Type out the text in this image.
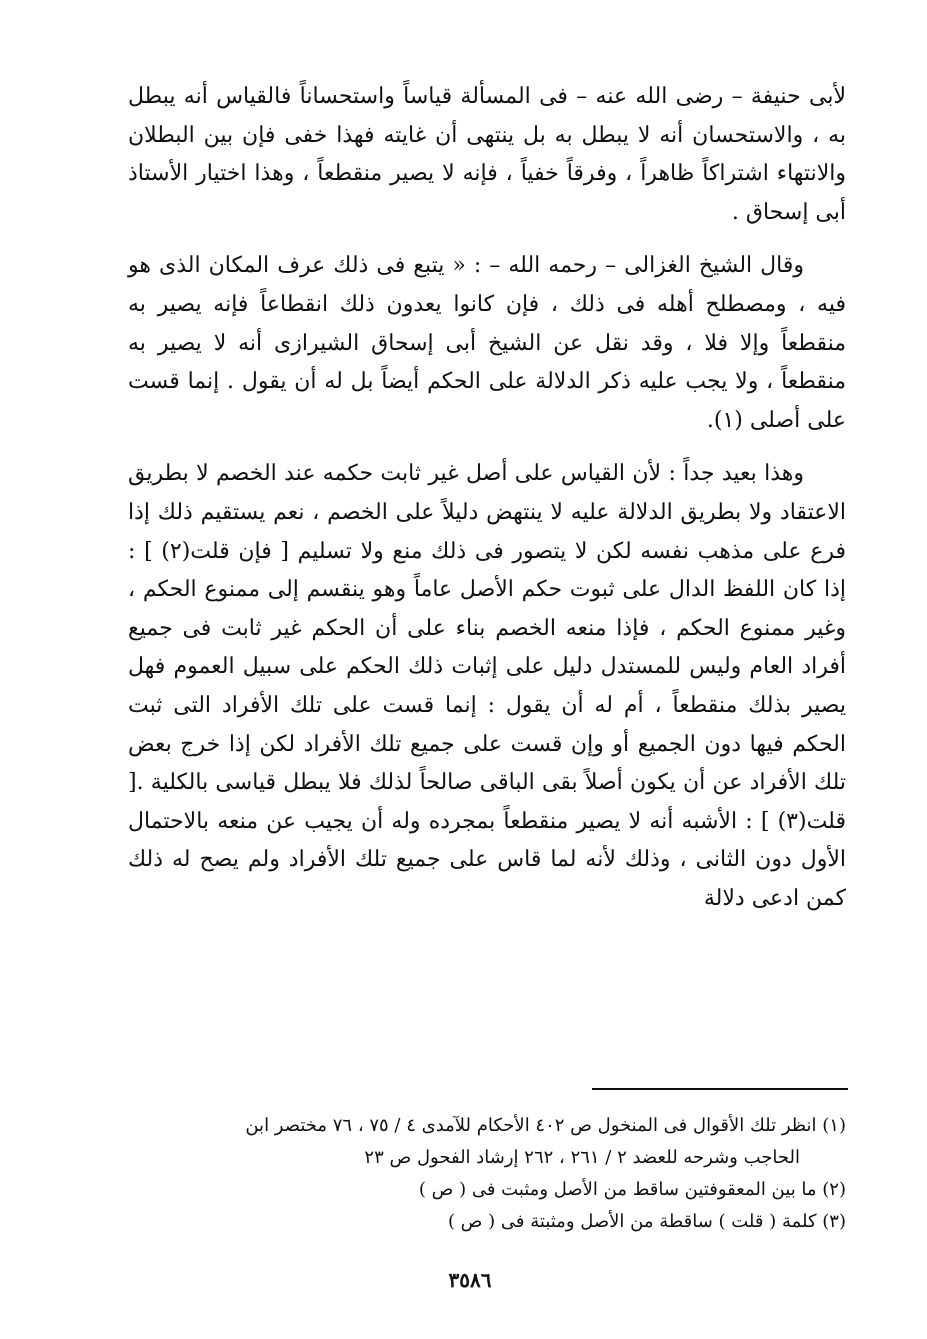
لأبى حنيفة – رضى الله عنه – فى المسألة قياساً واستحساناً فالقياس أنه يبطل به ، والاستحسان أنه لا يبطل به بل ينتهى أن غايته فهذا خفى فإن بين البطلان والانتهاء اشتراكاً ظاهراً ، وفرقاً خفياً ، فإنه لا يصير منقطعاً ، وهذا اختيار الأستاذ أبى إسحاق .

وقال الشيخ الغزالى – رحمه الله – : « يتبع فى ذلك عرف المكان الذى هو فيه ، ومصطلح أهله فى ذلك ، فإن كانوا يعدون ذلك انقطاعاً فإنه يصير به منقطعاً وإلا فلا ، وقد نقل عن الشيخ أبى إسحاق الشيرازى أنه لا يصير به منقطعاً ، ولا يجب عليه ذكر الدلالة على الحكم أيضاً بل له أن يقول . إنما قست على أصلى (١).

وهذا بعيد جداً : لأن القياس على أصل غير ثابت حكمه عند الخصم لا بطريق الاعتقاد ولا بطريق الدلالة عليه لا ينتهض دليلاً على الخصم ، نعم يستقيم ذلك إذا فرع على مذهب نفسه لكن لا يتصور فى ذلك منع ولا تسليم [ فإن قلت(٢) ] : إذا كان اللفظ الدال على ثبوت حكم الأصل عاماً وهو ينقسم إلى ممنوع الحكم ، وغير ممنوع الحكم ، فإذا منعه الخصم بناء على أن الحكم غير ثابت فى جميع أفراد العام وليس للمستدل دليل على إثبات ذلك الحكم على سبيل العموم فهل يصير بذلك منقطعاً ، أم له أن يقول : إنما قست على تلك الأفراد التى ثبت الحكم فيها دون الجميع أو وإن قست على جميع تلك الأفراد لكن إذا خرج بعض تلك الأفراد عن أن يكون أصلاً بقى الباقى صالحاً لذلك فلا يبطل قياسى بالكلية .[ قلت(٣) ] : الأشبه أنه لا يصير منقطعاً بمجرده وله أن يجيب عن منعه بالاحتمال الأول دون الثانى ، وذلك لأنه لما قاس على جميع تلك الأفراد ولم يصح له ذلك كمن ادعى دلالة

(١) انظر تلك الأقوال فى المنخول ص ٤٠٢ الأحكام للآمدى ٤ / ٧٥ ، ٧٦ مختصر ابن

الحاجب وشرحه للعضد ٢ / ٢٦١ ، ٢٦٢ إرشاد الفحول ص ٢٣

(٢) ما بين المعقوفتين ساقط من الأصل ومثبت فى ( ص )

(٣) كلمة ( قلت ) ساقطة من الأصل ومثبتة فى ( ص )

٣٥٨٦
